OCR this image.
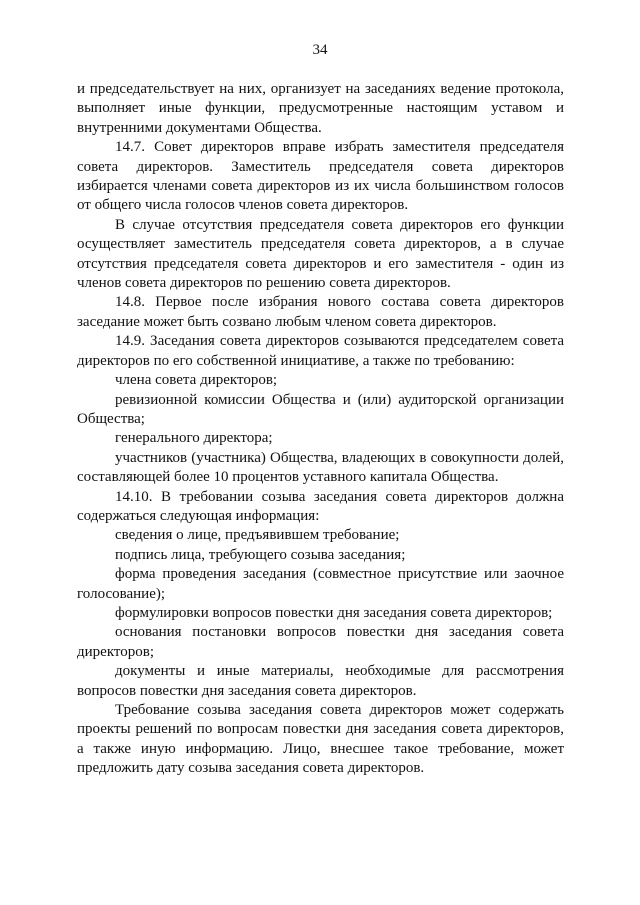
34

и председательствует на них, организует на заседаниях ведение протокола, выполняет иные функции, предусмотренные настоящим уставом и внутренними документами Общества.

14.7. Совет директоров вправе избрать заместителя председателя совета директоров. Заместитель председателя совета директоров избирается членами совета директоров из их числа большинством голосов от общего числа голосов членов совета директоров.

В случае отсутствия председателя совета директоров его функции осуществляет заместитель председателя совета директоров, а в случае отсутствия председателя совета директоров и его заместителя - один из членов совета директоров по решению совета директоров.

14.8. Первое после избрания нового состава совета директоров заседание может быть созвано любым членом совета директоров.

14.9. Заседания совета директоров созываются председателем совета директоров по его собственной инициативе, а также по требованию:

члена совета директоров;

ревизионной комиссии Общества и (или) аудиторской организации Общества;

генерального директора;

участников (участника) Общества, владеющих в совокупности долей, составляющей более 10 процентов уставного капитала Общества.

14.10. В требовании созыва заседания совета директоров должна содержаться следующая информация:

сведения о лице, предъявившем требование;

подпись лица, требующего созыва заседания;

форма проведения заседания (совместное присутствие или заочное голосование);

формулировки вопросов повестки дня заседания совета директоров;

основания постановки вопросов повестки дня заседания совета директоров;

документы и иные материалы, необходимые для рассмотрения вопросов повестки дня заседания совета директоров.

Требование созыва заседания совета директоров может содержать проекты решений по вопросам повестки дня заседания совета директоров, а также иную информацию. Лицо, внесшее такое требование, может предложить дату созыва заседания совета директоров.
